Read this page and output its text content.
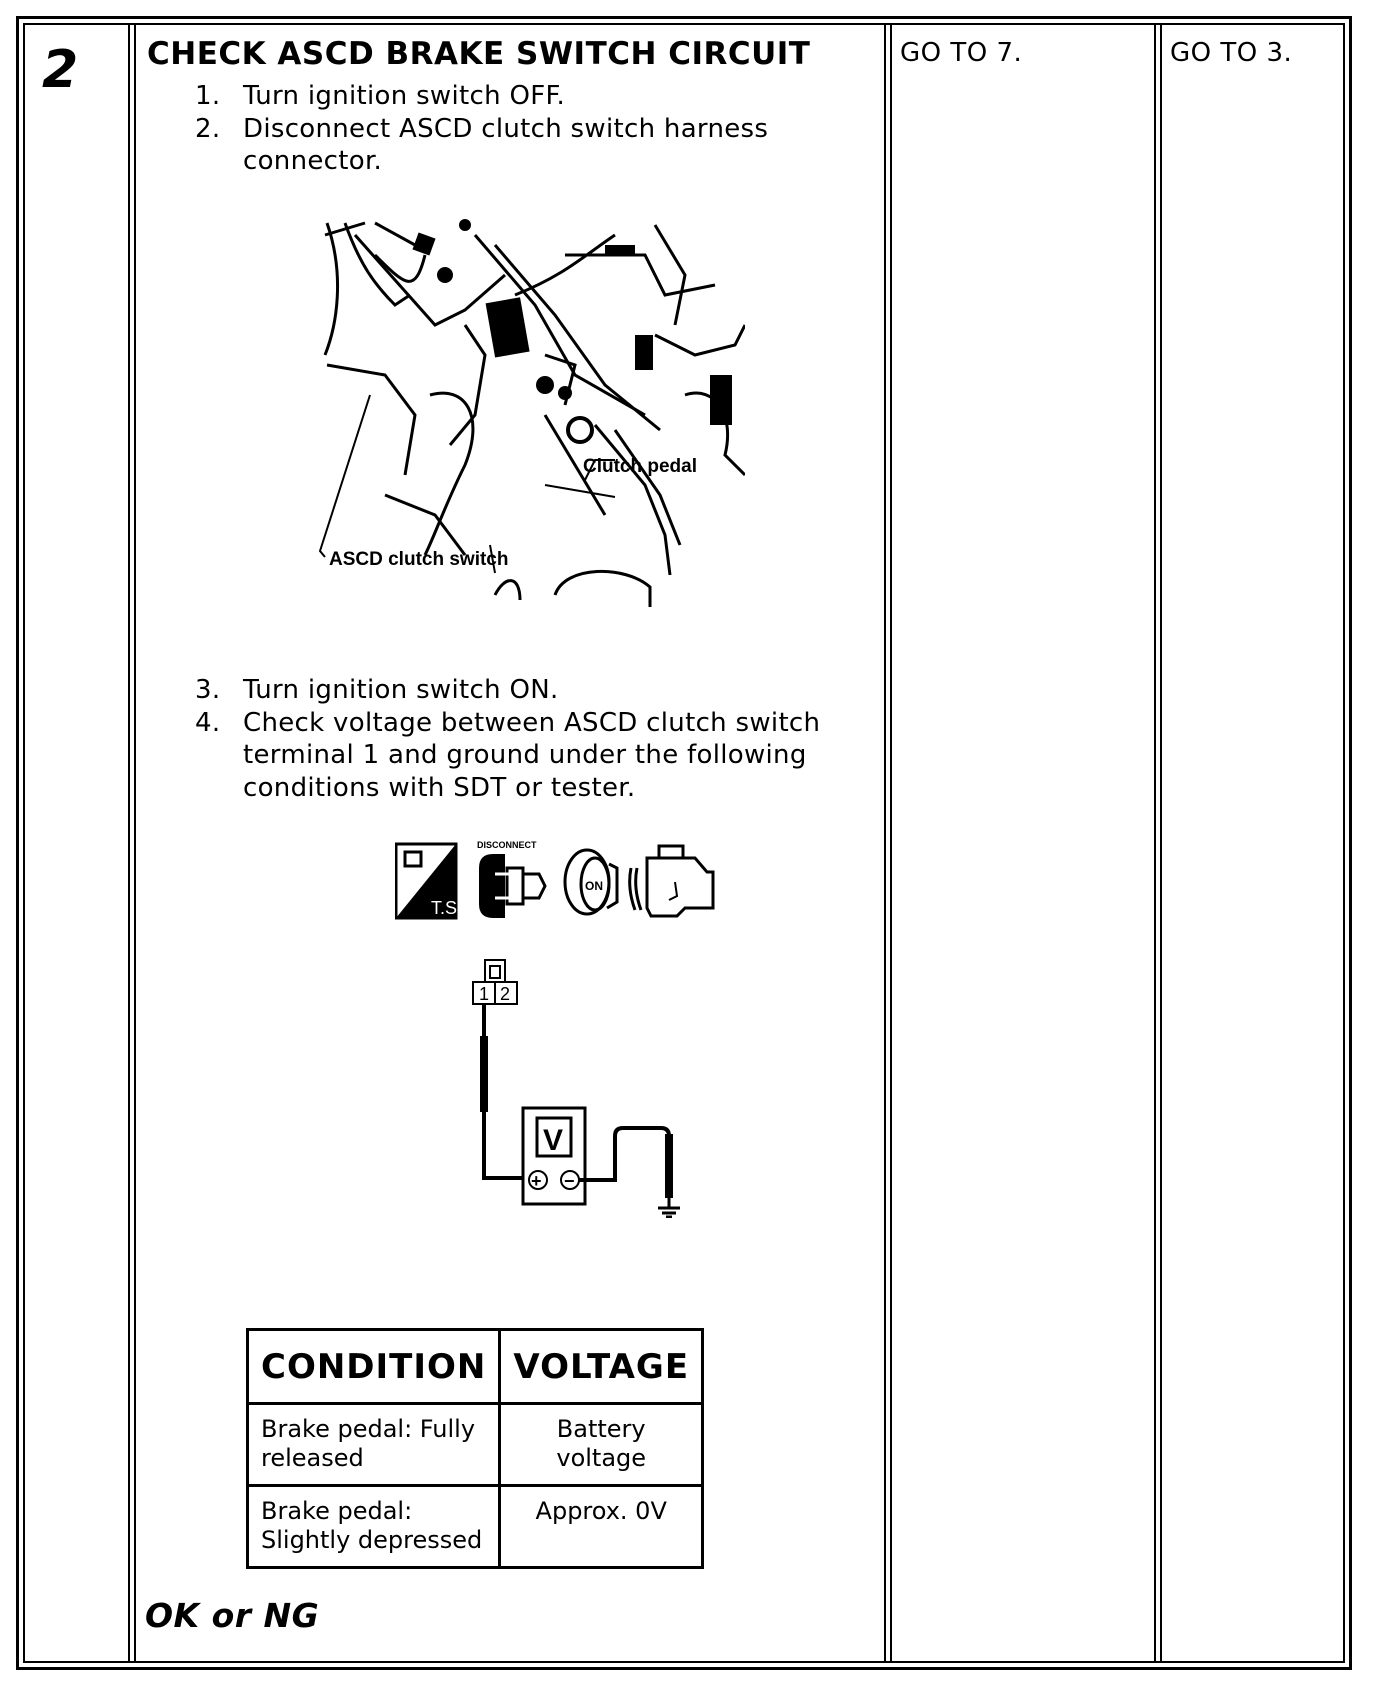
2 CHECK ASCD BRAKE SWITCH CIRCUIT
1. Turn ignition switch OFF.
2. Disconnect ASCD clutch switch harness connector.
Clutch pedal
ASCD clutch switch
3. Turn ignition switch ON.
4. Check voltage between ASCD clutch switch terminal 1 and ground under the following conditions with SDT or tester.
T.S.
DISCONNECT
ON
1 2
V
+ −
CONDITION	VOLTAGE
Brake pedal: Fully released	Battery voltage
Brake pedal: Slightly depressed	Approx. 0V
OK or NG
GO TO 7.	GO TO 3.
